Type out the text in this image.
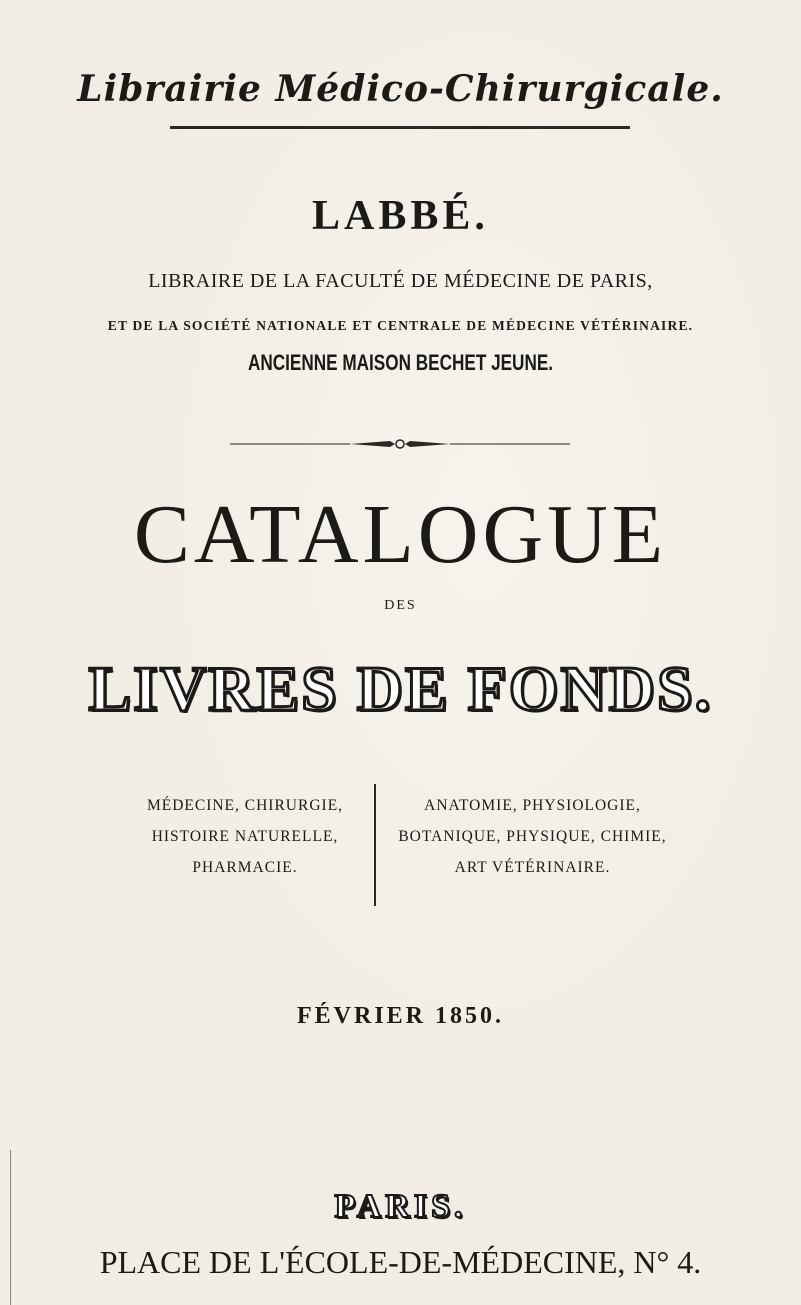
Librairie Médico-Chirurgicale.
LABBÉ.
LIBRAIRE DE LA FACULTÉ DE MÉDECINE DE PARIS,
ET DE LA SOCIÉTÉ NATIONALE ET CENTRALE DE MÉDECINE VÉTÉRINAIRE.
ANCIENNE MAISON BECHET JEUNE.
CATALOGUE
DES
LIVRES DE FONDS.
MÉDECINE, CHIRURGIE,
HISTOIRE NATURELLE,
PHARMACIE.
ANATOMIE, PHYSIOLOGIE,
BOTANIQUE, PHYSIQUE, CHIMIE,
ART VÉTÉRINAIRE.
FÉVRIER 1850.
PARIS.
PLACE DE L'ÉCOLE-DE-MÉDECINE, N° 4.
